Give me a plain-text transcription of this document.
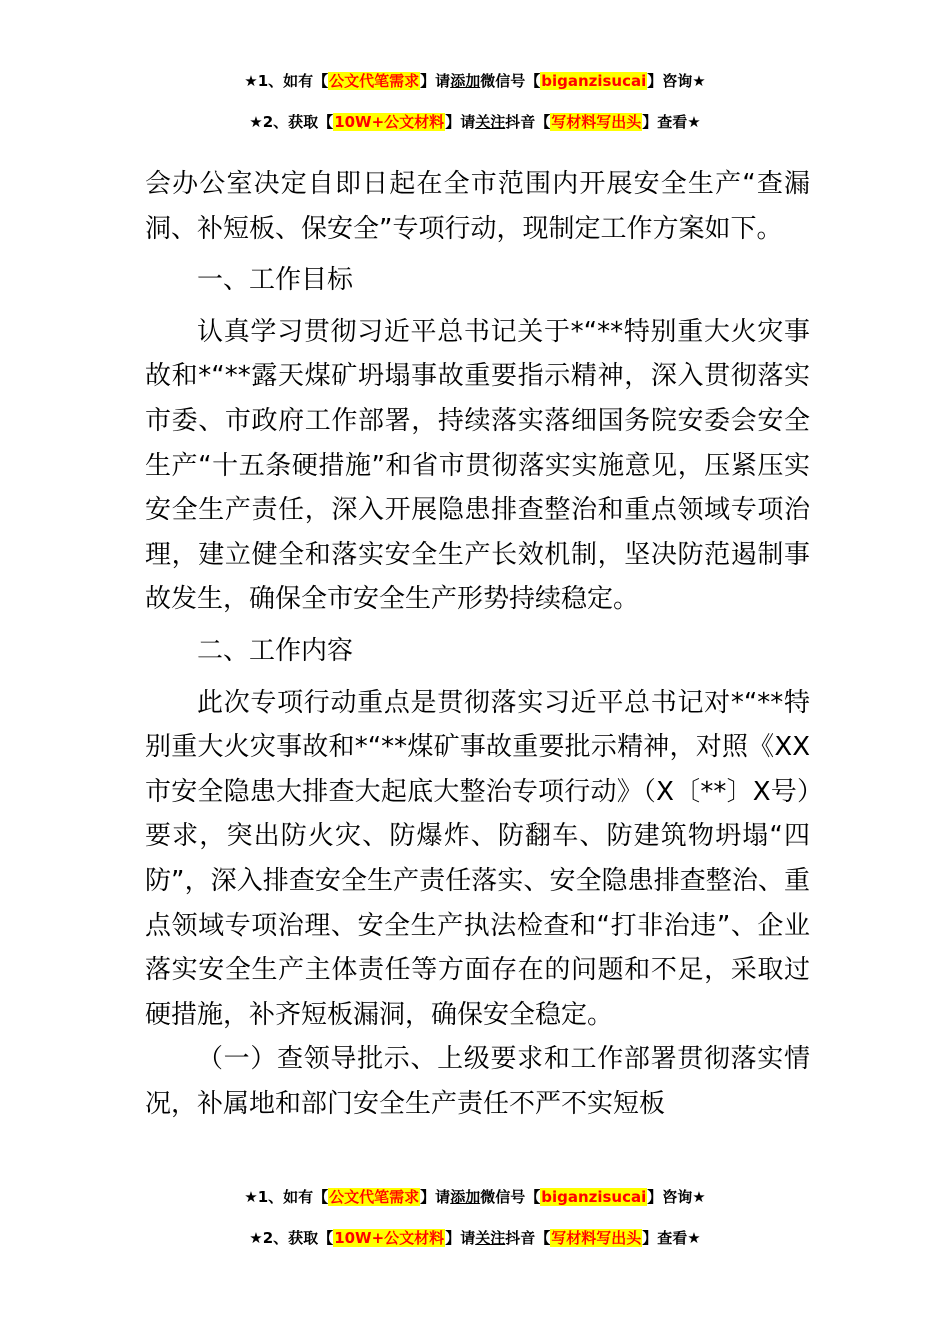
★1、如有【公文代笔需求】请添加微信号【biganzisucai】咨询★
★2、获取【10W+公文材料】请关注抖音【写材料写出头】查看★

会办公室决定自即日起在全市范围内开展安全生产“查漏洞、补短板、保安全”专项行动，现制定工作方案如下。

一、工作目标

认真学习贯彻习近平总书记关于*“**特别重大火灾事故和*“**露天煤矿坍塌事故重要指示精神，深入贯彻落实市委、市政府工作部署，持续落实落细国务院安委会安全生产“十五条硬措施”和省市贯彻落实实施意见，压紧压实安全生产责任，深入开展隐患排查整治和重点领域专项治理，建立健全和落实安全生产长效机制，坚决防范遏制事故发生，确保全市安全生产形势持续稳定。

二、工作内容

此次专项行动重点是贯彻落实习近平总书记对*“**特别重大火灾事故和*“**煤矿事故重要批示精神，对照《XX市安全隐患大排查大起底大整治专项行动》（X〔**〕X号）要求，突出防火灾、防爆炸、防翻车、防建筑物坍塌“四防”，深入排查安全生产责任落实、安全隐患排查整治、重点领域专项治理、安全生产执法检查和“打非治违”、企业落实安全生产主体责任等方面存在的问题和不足，采取过硬措施，补齐短板漏洞，确保安全稳定。

（一）查领导批示、上级要求和工作部署贯彻落实情况，补属地和部门安全生产责任不严不实短板

★1、如有【公文代笔需求】请添加微信号【biganzisucai】咨询★
★2、获取【10W+公文材料】请关注抖音【写材料写出头】查看★
